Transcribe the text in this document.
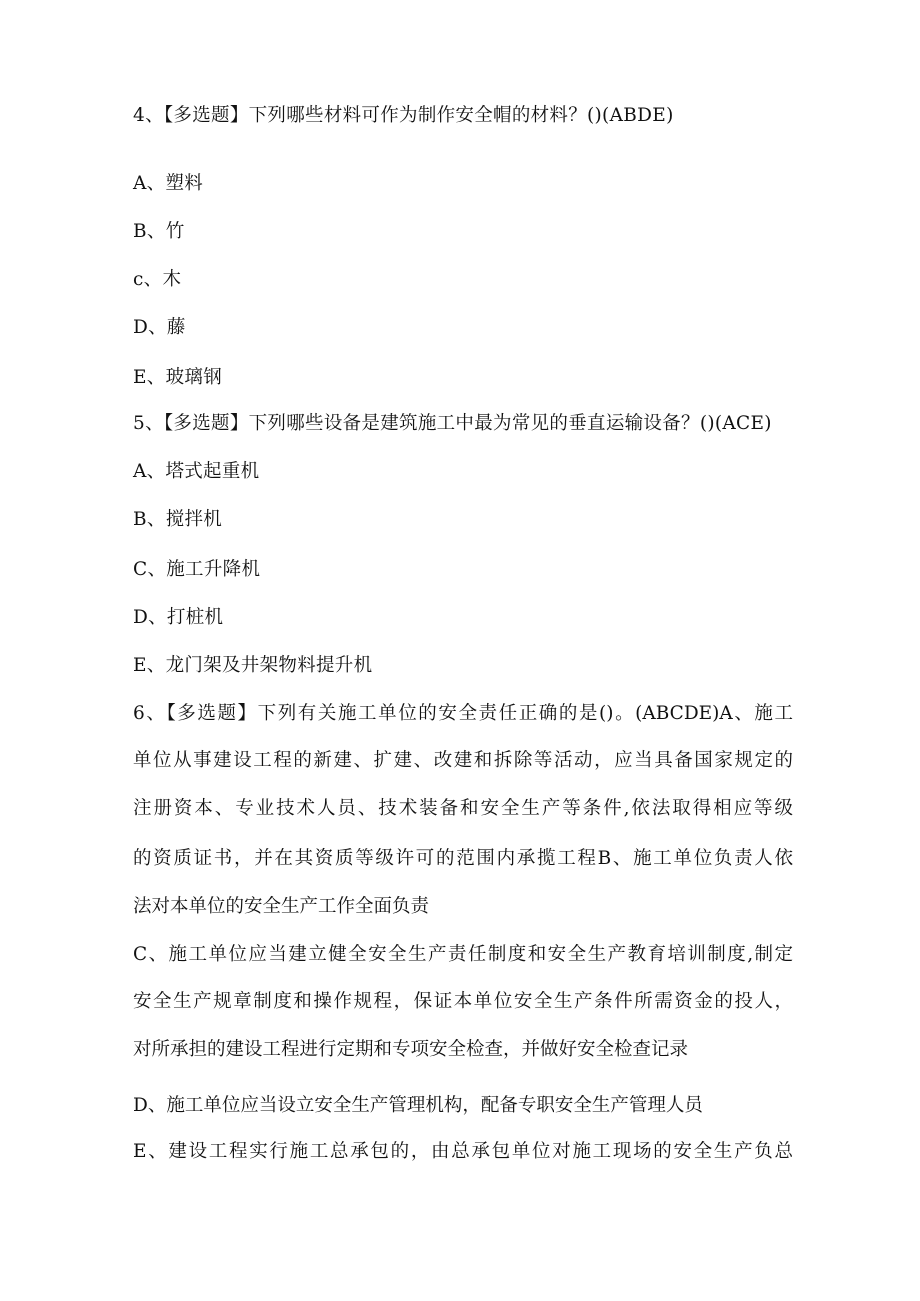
4、【多选题】下列哪些材料可作为制作安全帽的材料？()(ABDE)
A、塑料
B、竹
c、木
D、藤
E、玻璃钢
5、【多选题】下列哪些设备是建筑施工中最为常见的垂直运输设备？()(ACE)
A、塔式起重机
B、搅拌机
C、施工升降机
D、打桩机
E、龙门架及井架物料提升机
6、【多选题】下列有关施工单位的安全责任正确的是()。(ABCDE)A、施工
单位从事建设工程的新建、扩建、改建和拆除等活动，应当具备国家规定的
注册资本、专业技术人员、技术装备和安全生产等条件,依法取得相应等级
的资质证书，并在其资质等级许可的范围内承揽工程B、施工单位负责人依
法对本单位的安全生产工作全面负责
C、施工单位应当建立健全安全生产责任制度和安全生产教育培训制度,制定
安全生产规章制度和操作规程，保证本单位安全生产条件所需资金的投人，
对所承担的建设工程进行定期和专项安全检查，并做好安全检查记录
D、施工单位应当设立安全生产管理机构，配备专职安全生产管理人员
E、建设工程实行施工总承包的，由总承包单位对施工现场的安全生产负总
